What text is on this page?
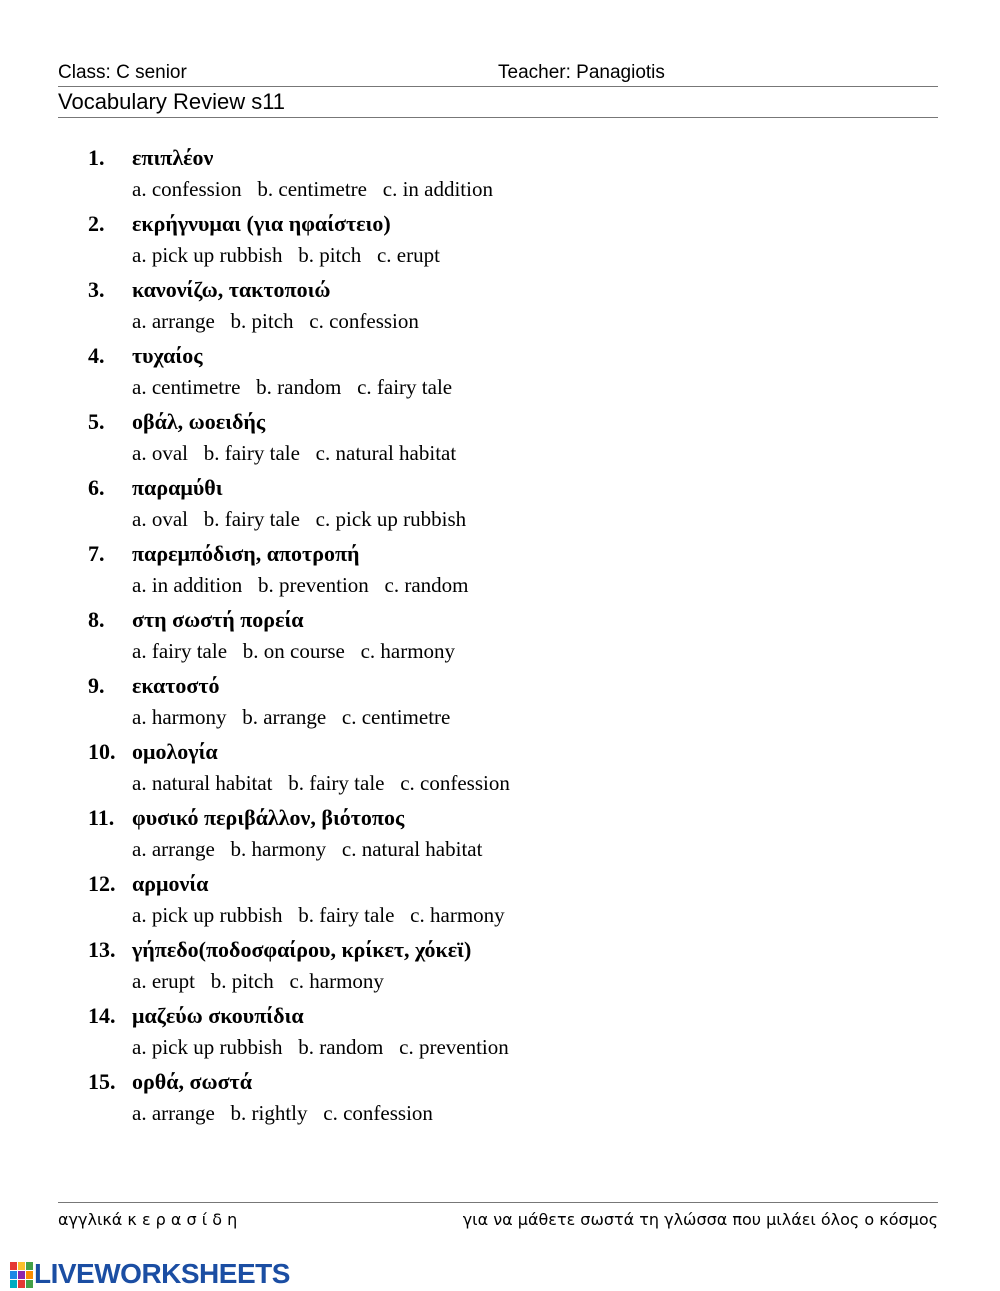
Class: C senior	Teacher: Panagiotis
Vocabulary Review s11
1. επιπλέον
a. confession   b. centimetre   c. in addition
2. εκρήγνυμαι (για ηφαίστειο)
a. pick up rubbish   b. pitch   c. erupt
3. κανονίζω, τακτοποιώ
a. arrange   b. pitch   c. confession
4. τυχαίος
a. centimetre   b. random   c. fairy tale
5. οβάλ, ωοειδής
a. oval   b. fairy tale   c. natural habitat
6. παραμύθι
a. oval   b. fairy tale   c. pick up rubbish
7. παρεμπόδιση, αποτροπή
a. in addition   b. prevention   c. random
8. στη σωστή πορεία
a. fairy tale   b. on course   c. harmony
9. εκατοστό
a. harmony   b. arrange   c. centimetre
10. ομολογία
a. natural habitat   b. fairy tale   c. confession
11. φυσικό περιβάλλον, βιότοπος
a. arrange   b. harmony   c. natural habitat
12. αρμονία
a. pick up rubbish   b. fairy tale   c. harmony
13. γήπεδο(ποδοσφαίρου, κρίκετ, χόκεϊ)
a. erupt   b. pitch   c. harmony
14. μαζεύω σκουπίδια
a. pick up rubbish   b. random   c. prevention
15. ορθά, σωστά
a. arrange   b. rightly   c. confession
αγγλικά κ ε ρ α σ ί δ η	για να μάθετε σωστά τη γλώσσα που μιλάει όλος ο κόσμος
LIVEWORKSHEETS
